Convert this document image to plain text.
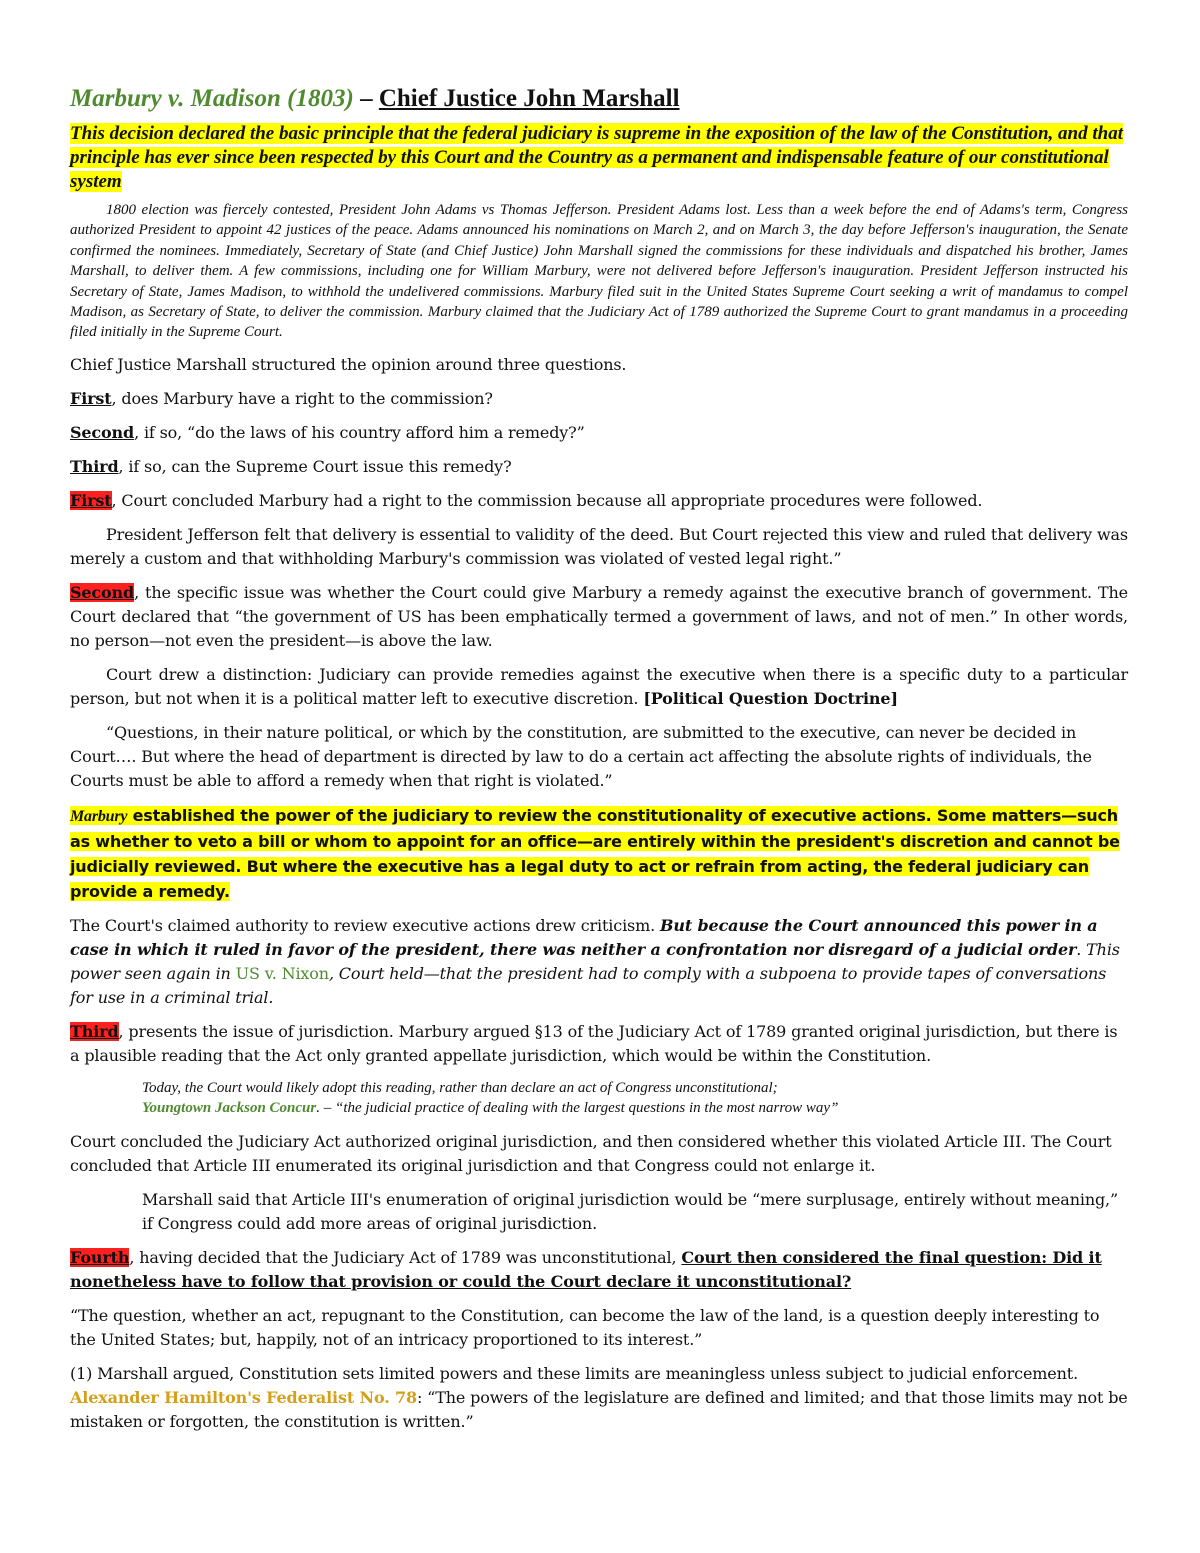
Marbury v. Madison (1803) – Chief Justice John Marshall

This decision declared the basic principle that the federal judiciary is supreme in the exposition of the law of the Constitution, and that principle has ever since been respected by this Court and the Country as a permanent and indispensable feature of our constitutional system

1800 election was fiercely contested, President John Adams vs Thomas Jefferson. President Adams lost. Less than a week before the end of Adams's term, Congress authorized President to appoint 42 justices of the peace. Adams announced his nominations on March 2, and on March 3, the day before Jefferson's inauguration, the Senate confirmed the nominees. Immediately, Secretary of State (and Chief Justice) John Marshall signed the commissions for these individuals and dispatched his brother, James Marshall, to deliver them. A few commissions, including one for William Marbury, were not delivered before Jefferson's inauguration. President Jefferson instructed his Secretary of State, James Madison, to withhold the undelivered commissions. Marbury filed suit in the United States Supreme Court seeking a writ of mandamus to compel Madison, as Secretary of State, to deliver the commission. Marbury claimed that the Judiciary Act of 1789 authorized the Supreme Court to grant mandamus in a proceeding filed initially in the Supreme Court.

Chief Justice Marshall structured the opinion around three questions.

First, does Marbury have a right to the commission?

Second, if so, “do the laws of his country afford him a remedy?”

Third, if so, can the Supreme Court issue this remedy?

First, Court concluded Marbury had a right to the commission because all appropriate procedures were followed.

President Jefferson felt that delivery is essential to validity of the deed. But Court rejected this view and ruled that delivery was merely a custom and that withholding Marbury's commission was violated of vested legal right.”

Second, the specific issue was whether the Court could give Marbury a remedy against the executive branch of government. The Court declared that “the government of US has been emphatically termed a government of laws, and not of men.” In other words, no person—not even the president—is above the law.

Court drew a distinction: Judiciary can provide remedies against the executive when there is a specific duty to a particular person, but not when it is a political matter left to executive discretion. [Political Question Doctrine]

“Questions, in their nature political, or which by the constitution, are submitted to the executive, can never be decided in Court…. But where the head of department is directed by law to do a certain act affecting the absolute rights of individuals, the Courts must be able to afford a remedy when that right is violated.”

Marbury established the power of the judiciary to review the constitutionality of executive actions. Some matters—such as whether to veto a bill or whom to appoint for an office—are entirely within the president's discretion and cannot be judicially reviewed. But where the executive has a legal duty to act or refrain from acting, the federal judiciary can provide a remedy.

The Court's claimed authority to review executive actions drew criticism. But because the Court announced this power in a case in which it ruled in favor of the president, there was neither a confrontation nor disregard of a judicial order. This power seen again in US v. Nixon, Court held—that the president had to comply with a subpoena to provide tapes of conversations for use in a criminal trial.

Third, presents the issue of jurisdiction. Marbury argued §13 of the Judiciary Act of 1789 granted original jurisdiction, but there is a plausible reading that the Act only granted appellate jurisdiction, which would be within the Constitution.

Today, the Court would likely adopt this reading, rather than declare an act of Congress unconstitutional;
Youngtown Jackson Concur. – “the judicial practice of dealing with the largest questions in the most narrow way”

Court concluded the Judiciary Act authorized original jurisdiction, and then considered whether this violated Article III. The Court concluded that Article III enumerated its original jurisdiction and that Congress could not enlarge it.

Marshall said that Article III's enumeration of original jurisdiction would be “mere surplusage, entirely without meaning,” if Congress could add more areas of original jurisdiction.

Fourth, having decided that the Judiciary Act of 1789 was unconstitutional, Court then considered the final question: Did it nonetheless have to follow that provision or could the Court declare it unconstitutional?

“The question, whether an act, repugnant to the Constitution, can become the law of the land, is a question deeply interesting to the United States; but, happily, not of an intricacy proportioned to its interest.”

(1) Marshall argued, Constitution sets limited powers and these limits are meaningless unless subject to judicial enforcement. Alexander Hamilton's Federalist No. 78: “The powers of the legislature are defined and limited; and that those limits may not be mistaken or forgotten, the constitution is written.”
